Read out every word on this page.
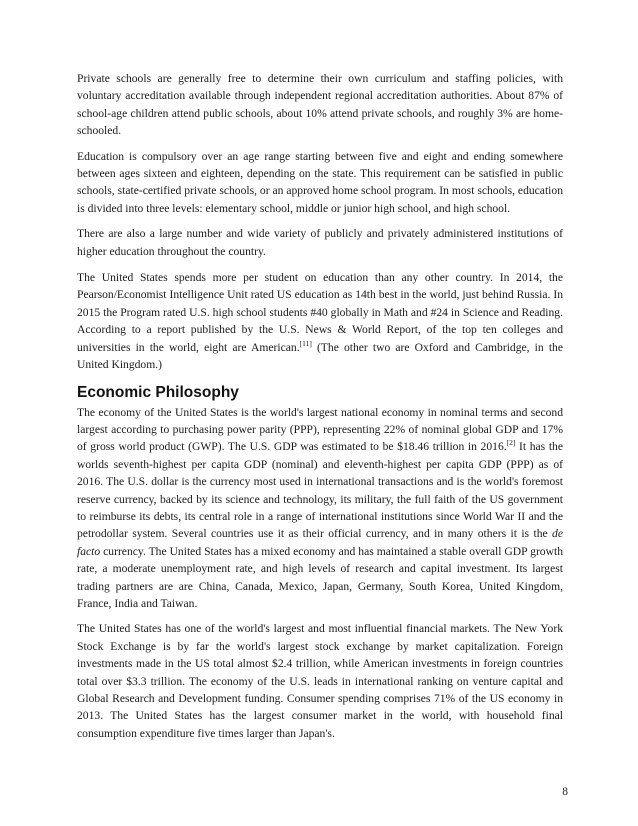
Private schools are generally free to determine their own curriculum and staffing policies, with voluntary accreditation available through independent regional accreditation authorities. About 87% of school-age children attend public schools, about 10% attend private schools, and roughly 3% are home-schooled.

Education is compulsory over an age range starting between five and eight and ending somewhere between ages sixteen and eighteen, depending on the state. This requirement can be satisfied in public schools, state-certified private schools, or an approved home school program. In most schools, education is divided into three levels: elementary school, middle or junior high school, and high school.

There are also a large number and wide variety of publicly and privately administered institutions of higher education throughout the country.

The United States spends more per student on education than any other country. In 2014, the Pearson/Economist Intelligence Unit rated US education as 14th best in the world, just behind Russia. In 2015 the Program rated U.S. high school students #40 globally in Math and #24 in Science and Reading. According to a report published by the U.S. News & World Report, of the top ten colleges and universities in the world, eight are American.[11] (The other two are Oxford and Cambridge, in the United Kingdom.)

Economic Philosophy

The economy of the United States is the world's largest national economy in nominal terms and second largest according to purchasing power parity (PPP), representing 22% of nominal global GDP and 17% of gross world product (GWP). The U.S. GDP was estimated to be $18.46 trillion in 2016.[2] It has the worlds seventh-highest per capita GDP (nominal) and eleventh-highest per capita GDP (PPP) as of 2016. The U.S. dollar is the currency most used in international transactions and is the world's foremost reserve currency, backed by its science and technology, its military, the full faith of the US government to reimburse its debts, its central role in a range of international institutions since World War II and the petrodollar system. Several countries use it as their official currency, and in many others it is the de facto currency. The United States has a mixed economy and has maintained a stable overall GDP growth rate, a moderate unemployment rate, and high levels of research and capital investment. Its largest trading partners are are China, Canada, Mexico, Japan, Germany, South Korea, United Kingdom, France, India and Taiwan.

The United States has one of the world's largest and most influential financial markets. The New York Stock Exchange is by far the world's largest stock exchange by market capitalization. Foreign investments made in the US total almost $2.4 trillion, while American investments in foreign countries total over $3.3 trillion. The economy of the U.S. leads in international ranking on venture capital and Global Research and Development funding. Consumer spending comprises 71% of the US economy in 2013. The United States has the largest consumer market in the world, with household final consumption expenditure five times larger than Japan's.

8
